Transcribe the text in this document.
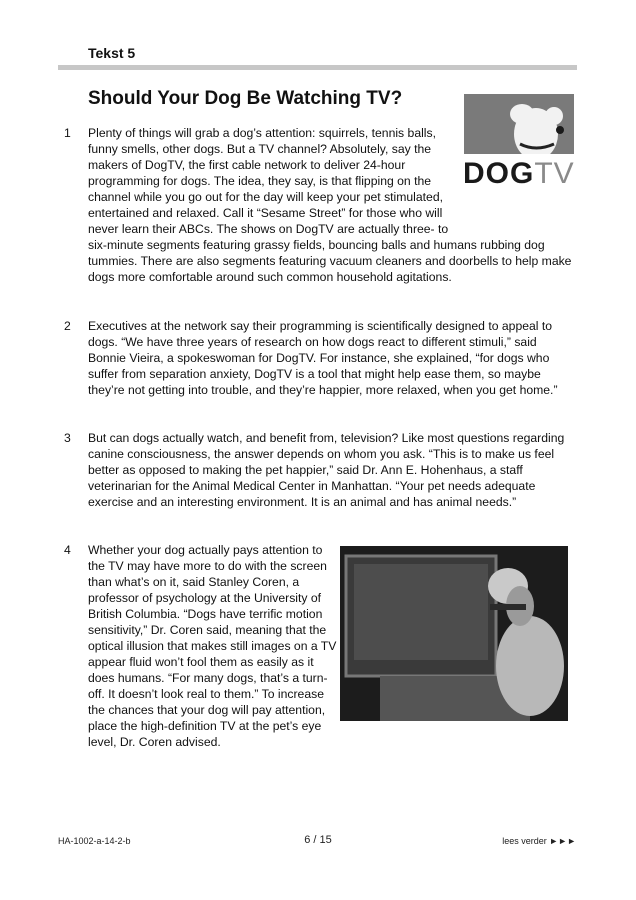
Tekst 5
Should Your Dog Be Watching TV?
DOGTV
1 Plenty of things will grab a dog’s attention: squirrels, tennis balls, funny smells, other dogs. But a TV channel? Absolutely, say the makers of DogTV, the first cable network to deliver 24-hour programming for dogs. The idea, they say, is that flipping on the channel while you go out for the day will keep your pet stimulated, entertained and relaxed. Call it “Sesame Street” for those who will never learn their ABCs. The shows on DogTV are actually three- to six-minute segments featuring grassy fields, bouncing balls and humans rubbing dog tummies. There are also segments featuring vacuum cleaners and doorbells to help make dogs more comfortable around such common household agitations.
2 Executives at the network say their programming is scientifically designed to appeal to dogs. “We have three years of research on how dogs react to different stimuli,” said Bonnie Vieira, a spokeswoman for DogTV. For instance, she explained, “for dogs who suffer from separation anxiety, DogTV is a tool that might help ease them, so maybe they’re not getting into trouble, and they’re happier, more relaxed, when you get home.”
3 But can dogs actually watch, and benefit from, television? Like most questions regarding canine consciousness, the answer depends on whom you ask. “This is to make us feel better as opposed to making the pet happier,” said Dr. Ann E. Hohenhaus, a staff veterinarian for the Animal Medical Center in Manhattan. “Your pet needs adequate exercise and an interesting environment. It is an animal and has animal needs.”
4 Whether your dog actually pays attention to the TV may have more to do with the screen than what’s on it, said Stanley Coren, a professor of psychology at the University of British Columbia. “Dogs have terrific motion sensitivity,” Dr. Coren said, meaning that the optical illusion that makes still images on a TV appear fluid won’t fool them as easily as it does humans. “For many dogs, that’s a turn-off. It doesn’t look real to them.” To increase the chances that your dog will pay attention, place the high-definition TV at the pet’s eye level, Dr. Coren advised.
HA-1002-a-14-2-b	6 / 15	lees verder ►►►
